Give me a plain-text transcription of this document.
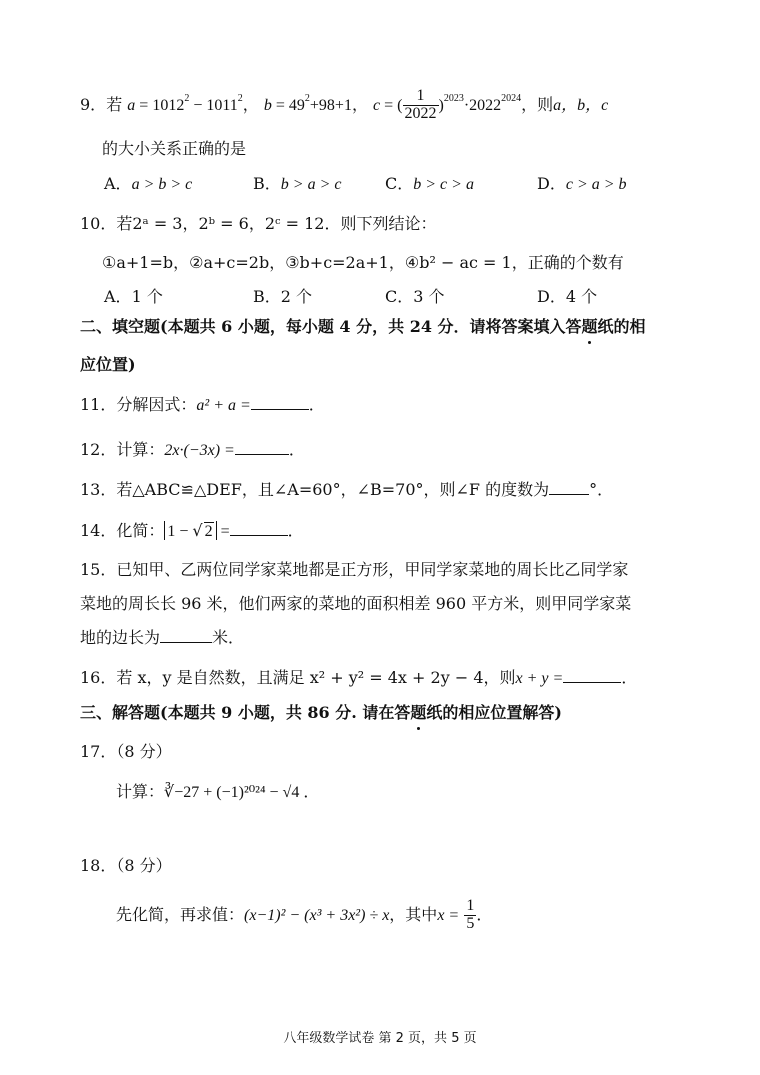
9．若 $a = 1012^2 - 1011^2$， $b = 49^2+98+1$， c = ( $\frac{1}{2022} )^{2023}\cdot 2022^{2024}$，则a，b，c
的大小关系正确的是
A．a > b > c	B．b > a > c	C．b > c > a	D．c > a > b
10．若2ᵃ = 3，2ᵇ = 6，2ᶜ = 12．则下列结论：
①a+1=b，②a+c=2b，③b+c=2a+1，④b² − ac = 1，正确的个数有
A．1 个	B．2 个	C．3 个	D．4 个
二、填空题(本题共 6 小题，每小题 4 分，共 24 分．请将答案填入答题纸的相
应位置)
11．分解因式：a² + a =	．
12．计算：2x·(−3x) =	．
13．若△ABC≌△DEF，且∠A=60°，∠B=70°，则∠F 的度数为	°．
14．化简： 1 − √ 2 =	．
15．已知甲、乙两位同学家菜地都是正方形，甲同学家菜地的周长比乙同学家
菜地的周长长 96 米，他们两家的菜地的面积相差 960 平方米，则甲同学家菜
地的边长为	米．
16．若 x，y 是自然数，且满足 x² + y² = 4x + 2y − 4，则x + y =	．
三、解答题(本题共 9 小题，共 86 分. 请在答题纸的相应位置解答)
17．（8 分）
计算：∛−27 + (−1)²⁰²⁴ − √4 ．
18．（8 分）
先化简，再求值：(x−1)² − (x³ + 3x²) ÷ x，其中$x = \frac{1}{5}$ ．
八年级数学试卷 第 2 页，共 5 页
